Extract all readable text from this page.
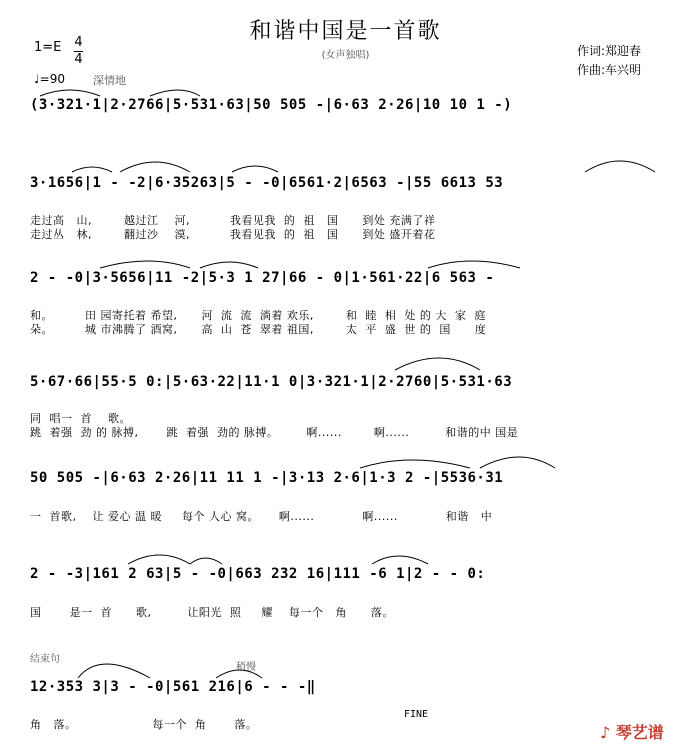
和谐中国是一首歌
(女声独唱)
1=E 4
4
♩=90	深情地
作词:郑迎春
作曲:车兴明
(3·321·1|2·2766|5·531·63|50 505 -|6·63 2·26|10 10 1 -)
3·1656|1 - -2|6·35263|5 - -0|6561·2|6563 -|55 6613 53
走过高   山,        越过江    河,          我看见我  的  祖   国      到处 充满了祥
走过丛   林,        翻过沙    漠,          我看见我  的  祖   国      到处 盛开着花
2 - -0|3·5656|11 -2|5·3 1 27|66 - 0|1·561·22|6 563 -
和。        田 园寄托着 希望,      河  流  流  淌着 欢乐,        和  睦  相  处 的 大  家  庭
朵。        城 市沸腾了 酒窝,      高  山  苍  翠着 祖国,        太  平  盛  世 的  国      度
5·67·66|55·5 0:|5·63·22|11·1 0|3·321·1|2·2760|5·531·63
同  唱一  首    歌。
跳  着强  劲 的 脉搏,       跳  着强  劲的 脉搏。       啊......        啊......         和谐的中 国是
50 505 -|6·63 2·26|11 11 1 -|3·13 2·6|1·3 2 -|5536·31
一  首歌,    让 爱心 温 暖     每个 人心 窝。     啊......            啊......            和谐   中
2 - -3|161 2 63|5 - -0|663 232 16|111 -6 1|2 - - 0:
国       是一  首      歌,         让阳光  照     耀    每一个   角      落。
结束句
稍慢
12·353 3|3 - -0|561 216|6 - - -‖
角   落。                   每一个  角       落。
FINE
♪ 琴艺谱
